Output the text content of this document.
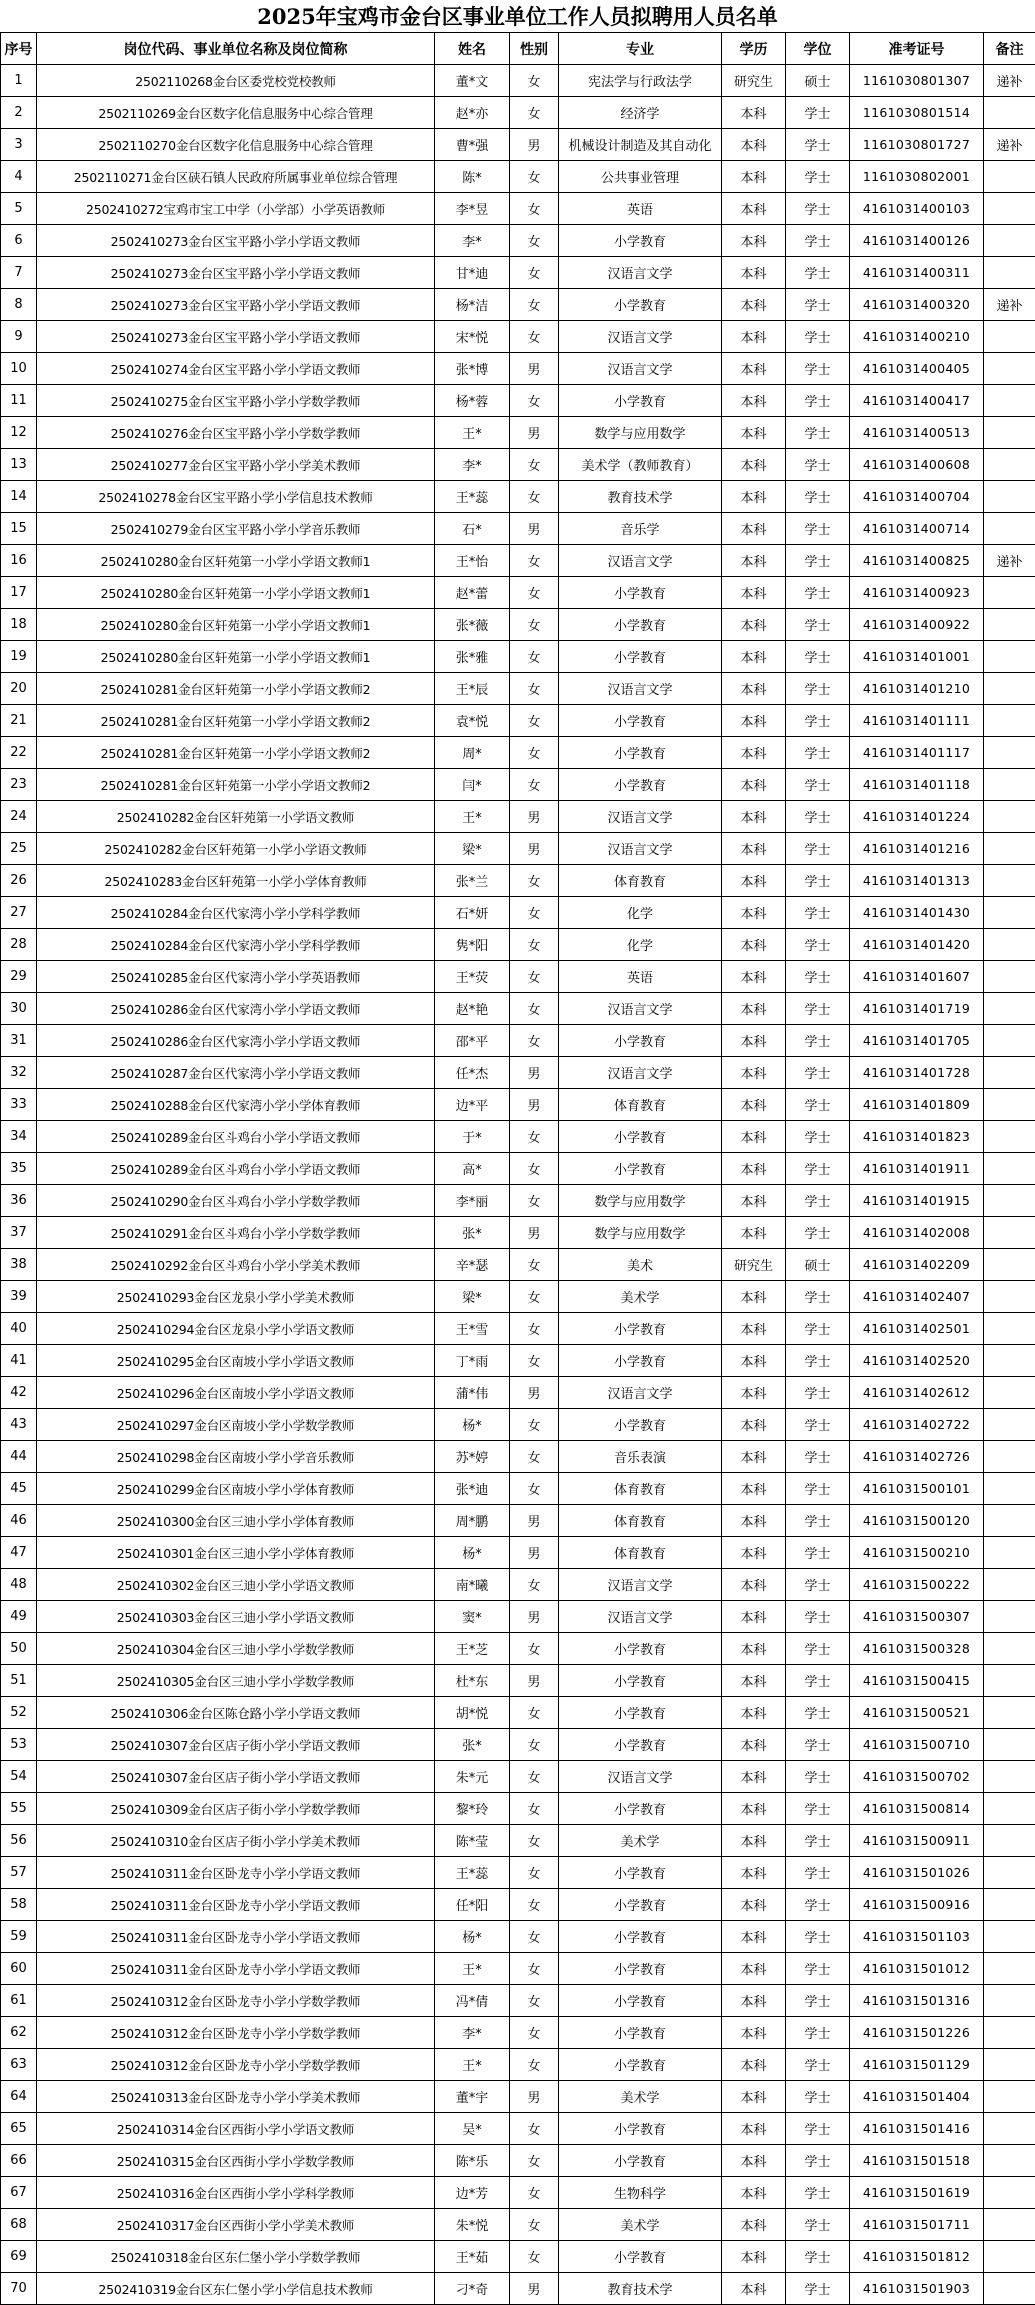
2025年宝鸡市金台区事业单位工作人员拟聘用人员名单
序号	岗位代码、事业单位名称及岗位简称	姓名	性别	专业	学历	学位	准考证号	备注
1	2502110268金台区委党校党校教师	董*文	女	宪法学与行政法学	研究生	硕士	1161030801307	递补
2	2502110269金台区数字化信息服务中心综合管理	赵*亦	女	经济学	本科	学士	1161030801514	
3	2502110270金台区数字化信息服务中心综合管理	曹*强	男	机械设计制造及其自动化	本科	学士	1161030801727	递补
4	2502110271金台区硖石镇人民政府所属事业单位综合管理	陈*	女	公共事业管理	本科	学士	1161030802001	
5	2502410272宝鸡市宝工中学（小学部）小学英语教师	李*昱	女	英语	本科	学士	4161031400103	
6	2502410273金台区宝平路小学小学语文教师	李*	女	小学教育	本科	学士	4161031400126	
7	2502410273金台区宝平路小学小学语文教师	甘*迪	女	汉语言文学	本科	学士	4161031400311	
8	2502410273金台区宝平路小学小学语文教师	杨*洁	女	小学教育	本科	学士	4161031400320	递补
9	2502410273金台区宝平路小学小学语文教师	宋*悦	女	汉语言文学	本科	学士	4161031400210	
10	2502410274金台区宝平路小学小学语文教师	张*博	男	汉语言文学	本科	学士	4161031400405	
11	2502410275金台区宝平路小学小学数学教师	杨*蓉	女	小学教育	本科	学士	4161031400417	
12	2502410276金台区宝平路小学小学数学教师	王*	男	数学与应用数学	本科	学士	4161031400513	
13	2502410277金台区宝平路小学小学美术教师	李*	女	美术学（教师教育）	本科	学士	4161031400608	
14	2502410278金台区宝平路小学小学信息技术教师	王*蕊	女	教育技术学	本科	学士	4161031400704	
15	2502410279金台区宝平路小学小学音乐教师	石*	男	音乐学	本科	学士	4161031400714	
16	2502410280金台区轩苑第一小学小学语文教师1	王*怡	女	汉语言文学	本科	学士	4161031400825	递补
17	2502410280金台区轩苑第一小学小学语文教师1	赵*蕾	女	小学教育	本科	学士	4161031400923	
18	2502410280金台区轩苑第一小学小学语文教师1	张*薇	女	小学教育	本科	学士	4161031400922	
19	2502410280金台区轩苑第一小学小学语文教师1	张*雅	女	小学教育	本科	学士	4161031401001	
20	2502410281金台区轩苑第一小学小学语文教师2	王*辰	女	汉语言文学	本科	学士	4161031401210	
21	2502410281金台区轩苑第一小学小学语文教师2	袁*悦	女	小学教育	本科	学士	4161031401111	
22	2502410281金台区轩苑第一小学小学语文教师2	周*	女	小学教育	本科	学士	4161031401117	
23	2502410281金台区轩苑第一小学小学语文教师2	闫*	女	小学教育	本科	学士	4161031401118	
24	2502410282金台区轩苑第一小学语文教师	王*	男	汉语言文学	本科	学士	4161031401224	
25	2502410282金台区轩苑第一小学小学语文教师	梁*	男	汉语言文学	本科	学士	4161031401216	
26	2502410283金台区轩苑第一小学小学体育教师	张*兰	女	体育教育	本科	学士	4161031401313	
27	2502410284金台区代家湾小学小学科学教师	石*妍	女	化学	本科	学士	4161031401430	
28	2502410284金台区代家湾小学小学科学教师	隽*阳	女	化学	本科	学士	4161031401420	
29	2502410285金台区代家湾小学小学英语教师	王*荧	女	英语	本科	学士	4161031401607	
30	2502410286金台区代家湾小学小学语文教师	赵*艳	女	汉语言文学	本科	学士	4161031401719	
31	2502410286金台区代家湾小学小学语文教师	邵*平	女	小学教育	本科	学士	4161031401705	
32	2502410287金台区代家湾小学小学语文教师	任*杰	男	汉语言文学	本科	学士	4161031401728	
33	2502410288金台区代家湾小学小学体育教师	边*平	男	体育教育	本科	学士	4161031401809	
34	2502410289金台区斗鸡台小学小学语文教师	于*	女	小学教育	本科	学士	4161031401823	
35	2502410289金台区斗鸡台小学小学语文教师	高*	女	小学教育	本科	学士	4161031401911	
36	2502410290金台区斗鸡台小学小学数学教师	李*丽	女	数学与应用数学	本科	学士	4161031401915	
37	2502410291金台区斗鸡台小学小学数学教师	张*	男	数学与应用数学	本科	学士	4161031402008	
38	2502410292金台区斗鸡台小学小学美术教师	辛*瑟	女	美术	研究生	硕士	4161031402209	
39	2502410293金台区龙泉小学小学美术教师	梁*	女	美术学	本科	学士	4161031402407	
40	2502410294金台区龙泉小学小学语文教师	王*雪	女	小学教育	本科	学士	4161031402501	
41	2502410295金台区南坡小学小学语文教师	丁*雨	女	小学教育	本科	学士	4161031402520	
42	2502410296金台区南坡小学小学语文教师	蒲*伟	男	汉语言文学	本科	学士	4161031402612	
43	2502410297金台区南坡小学小学数学教师	杨*	女	小学教育	本科	学士	4161031402722	
44	2502410298金台区南坡小学小学音乐教师	苏*婷	女	音乐表演	本科	学士	4161031402726	
45	2502410299金台区南坡小学小学体育教师	张*迪	女	体育教育	本科	学士	4161031500101	
46	2502410300金台区三迪小学小学体育教师	周*鹏	男	体育教育	本科	学士	4161031500120	
47	2502410301金台区三迪小学小学体育教师	杨*	男	体育教育	本科	学士	4161031500210	
48	2502410302金台区三迪小学小学语文教师	南*曦	女	汉语言文学	本科	学士	4161031500222	
49	2502410303金台区三迪小学小学语文教师	窦*	男	汉语言文学	本科	学士	4161031500307	
50	2502410304金台区三迪小学小学数学教师	王*芝	女	小学教育	本科	学士	4161031500328	
51	2502410305金台区三迪小学小学数学教师	杜*东	男	小学教育	本科	学士	4161031500415	
52	2502410306金台区陈仓路小学小学语文教师	胡*悦	女	小学教育	本科	学士	4161031500521	
53	2502410307金台区店子街小学小学语文教师	张*	女	小学教育	本科	学士	4161031500710	
54	2502410307金台区店子街小学小学语文教师	朱*元	女	汉语言文学	本科	学士	4161031500702	
55	2502410309金台区店子街小学小学数学教师	黎*玲	女	小学教育	本科	学士	4161031500814	
56	2502410310金台区店子街小学小学美术教师	陈*莹	女	美术学	本科	学士	4161031500911	
57	2502410311金台区卧龙寺小学小学语文教师	王*蕊	女	小学教育	本科	学士	4161031501026	
58	2502410311金台区卧龙寺小学小学语文教师	任*阳	女	小学教育	本科	学士	4161031500916	
59	2502410311金台区卧龙寺小学小学语文教师	杨*	女	小学教育	本科	学士	4161031501103	
60	2502410311金台区卧龙寺小学小学语文教师	王*	女	小学教育	本科	学士	4161031501012	
61	2502410312金台区卧龙寺小学小学数学教师	冯*倩	女	小学教育	本科	学士	4161031501316	
62	2502410312金台区卧龙寺小学小学数学教师	李*	女	小学教育	本科	学士	4161031501226	
63	2502410312金台区卧龙寺小学小学数学教师	王*	女	小学教育	本科	学士	4161031501129	
64	2502410313金台区卧龙寺小学小学美术教师	董*宇	男	美术学	本科	学士	4161031501404	
65	2502410314金台区西街小学小学语文教师	吴*	女	小学教育	本科	学士	4161031501416	
66	2502410315金台区西街小学小学数学教师	陈*乐	女	小学教育	本科	学士	4161031501518	
67	2502410316金台区西街小学小学科学教师	边*芳	女	生物科学	本科	学士	4161031501619	
68	2502410317金台区西街小学小学美术教师	朱*悦	女	美术学	本科	学士	4161031501711	
69	2502410318金台区东仁堡小学小学数学教师	王*茹	女	小学教育	本科	学士	4161031501812	
70	2502410319金台区东仁堡小学小学信息技术教师	刁*奇	男	教育技术学	本科	学士	4161031501903	
